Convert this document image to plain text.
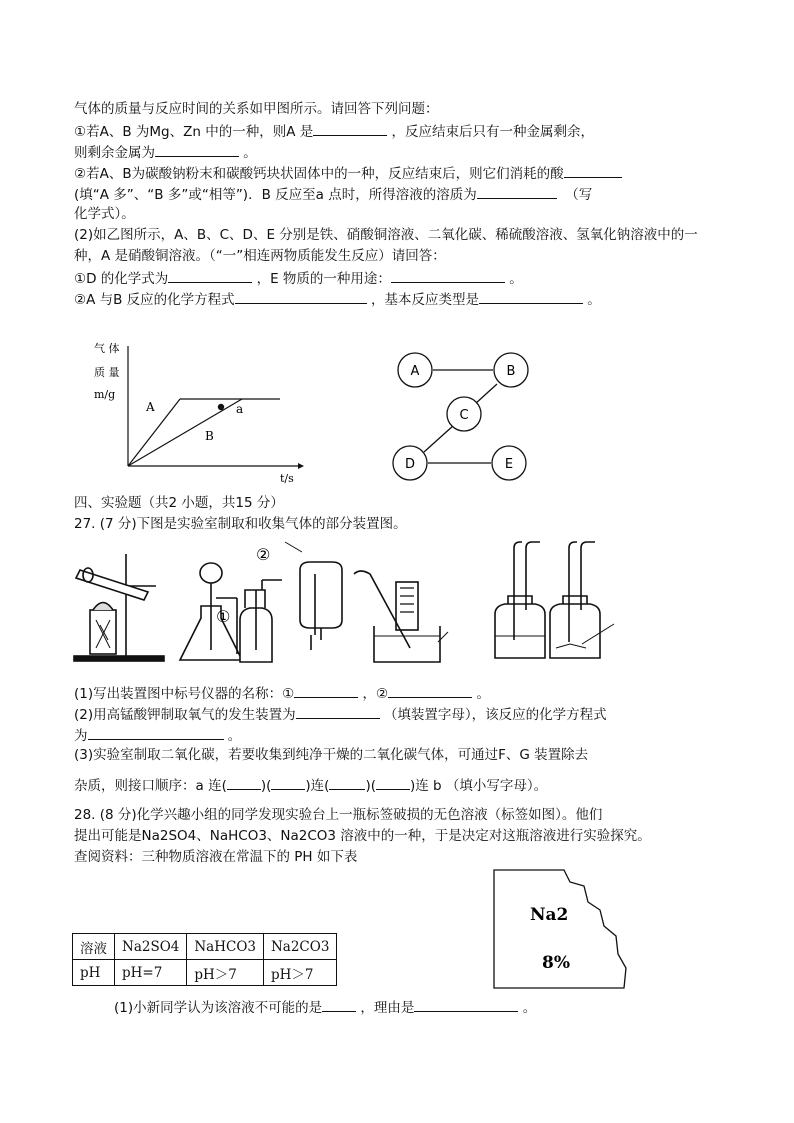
气体的质量与反应时间的关系如甲图所示。请回答下列问题：
①若A、B 为Mg、Zn 中的一种，则A 是	，反应结束后只有一种金属剩余，
则剩余金属为	。
②若A、B为碳酸钠粉末和碳酸钙块状固体中的一种，反应结束后，则它们消耗的酸
(填“A 多”、“B 多”或“相等”)．B 反应至a 点时，所得溶液的溶质为	（写
化学式）。
(2)如乙图所示，A、B、C、D、E 分别是铁、硝酸铜溶液、二氧化碳、稀硫酸溶液、氢氧化钠溶液中的一
种，A 是硝酸铜溶液。（“一”相连两物质能发生反应）请回答：
①D 的化学式为	，E 物质的一种用途：	。
②A 与B 反应的化学方程式	，基本反应类型是	。
气 体
质 量
m/g
A
B
a
t/s
A	B
C
D	E
四、实验题（共2 小题，共15 分）
27. (7 分)下图是实验室制取和收集气体的部分装置图。
①
②
(1)写出装置图中标号仪器的名称：①	，②	。
(2)用高锰酸钾制取氧气的发生装置为	（填装置字母），该反应的化学方程式
为	。
(3)实验室制取二氧化碳，若要收集到纯净干燥的二氧化碳气体，可通过F、G 装置除去
杂质，则接口顺序：a 连(	)(	)连(	)(	)连 b （填小写字母）。
28. (8 分)化学兴趣小组的同学发现实验台上一瓶标签破损的无色溶液（标签如图）。他们
提出可能是Na2SO4、NaHCO3、Na2CO3 溶液中的一种，于是决定对这瓶溶液进行实验探究。
查阅资料：三种物质溶液在常温下的 PH 如下表
Na2
8%
溶液	Na2SO4	NaHCO3	Na2CO3
pH	pH=7	pH＞7	pH＞7
(1)小新同学认为该溶液不可能的是	，理由是	。
